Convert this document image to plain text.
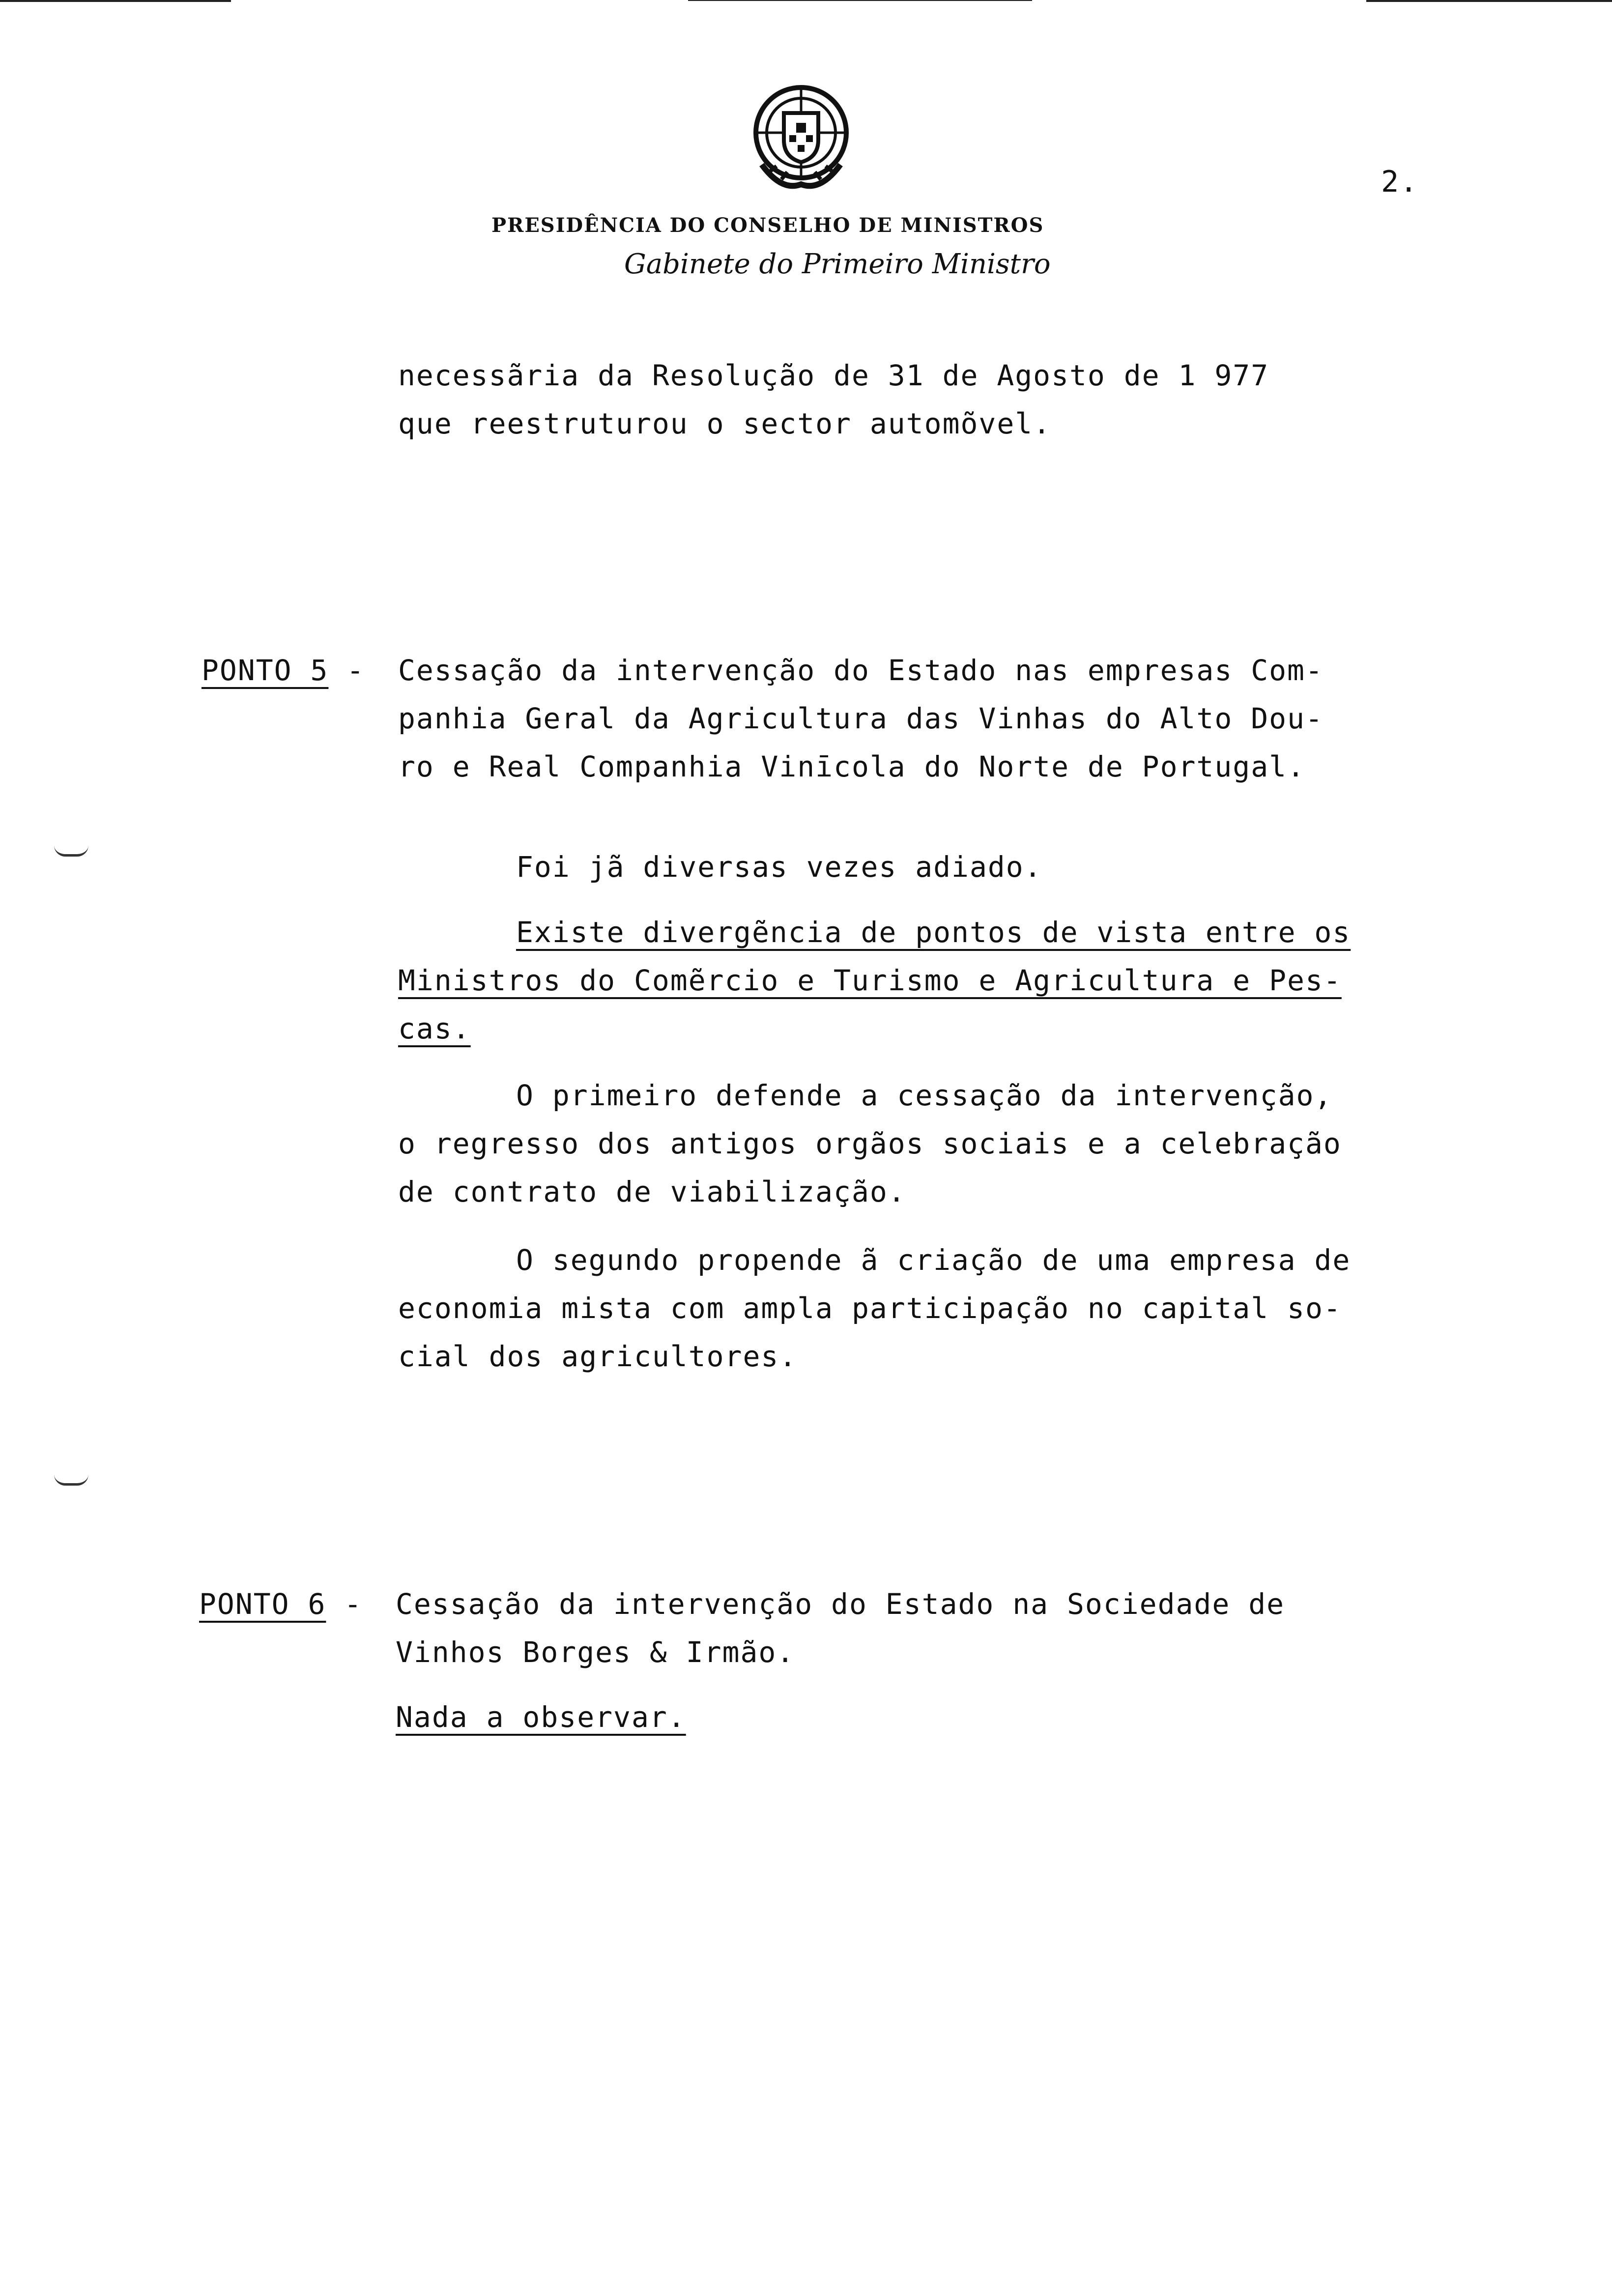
2.
PRESIDÊNCIA DO CONSELHO DE MINISTROS
Gabinete do Primeiro Ministro
necessãria da Resolução de 31 de Agosto de 1 977
que reestruturou o sector automõvel.
PONTO 5 - Cessação da intervenção do Estado nas empresas Com-
panhia Geral da Agricultura das Vinhas do Alto Dou-
ro e Real Companhia Vinīcola do Norte de Portugal.
Foi jã diversas vezes adiado.
Existe divergẽncia de pontos de vista entre os
Ministros do Comẽrcio e Turismo e Agricultura e Pes-
cas.
O primeiro defende a cessação da intervenção,
o regresso dos antigos orgãos sociais e a celebração
de contrato de viabilização.
O segundo propende ã criação de uma empresa de
economia mista com ampla participação no capital so-
cial dos agricultores.
PONTO 6 - Cessação da intervenção do Estado na Sociedade de
Vinhos Borges & Irmão.
Nada a observar.
